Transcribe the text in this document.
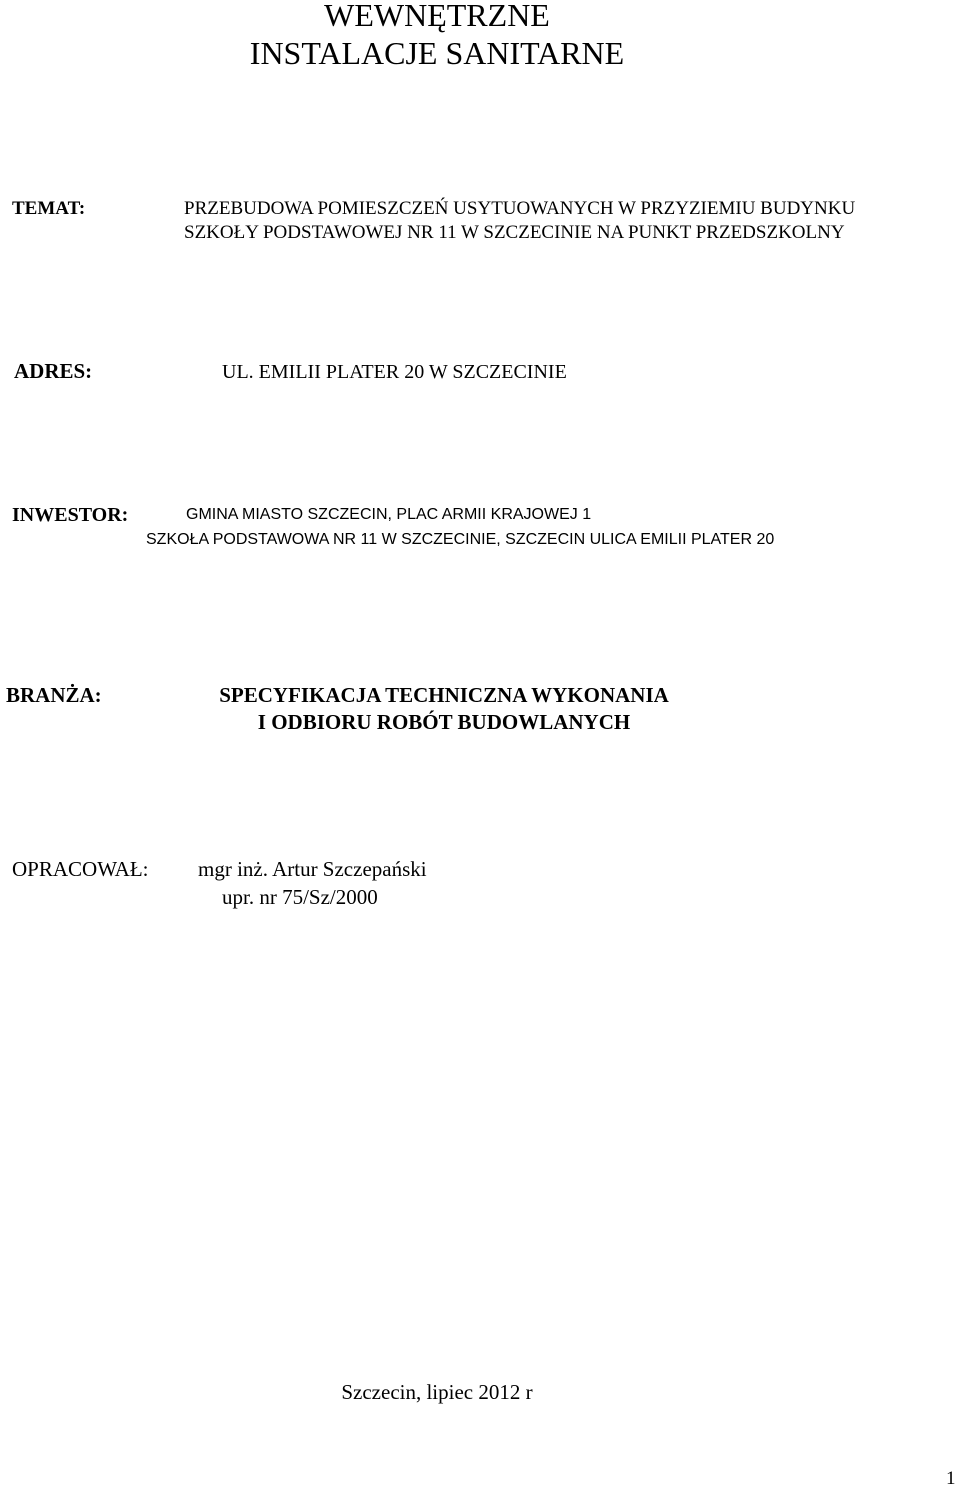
WEWNĘTRZNE
INSTALACJE SANITARNE
TEMAT:	PRZEBUDOWA POMIESZCZEŃ USYTUOWANYCH W PRZYZIEMIU BUDYNKU
SZKOŁY PODSTAWOWEJ NR 11 W SZCZECINIE NA PUNKT PRZEDSZKOLNY
ADRES:	UL. EMILII PLATER 20 W SZCZECINIE
INWESTOR:	GMINA MIASTO SZCZECIN, PLAC ARMII KRAJOWEJ 1
SZKOŁA PODSTAWOWA NR 11 W SZCZECINIE, SZCZECIN ULICA EMILII PLATER 20
BRANŻA:	SPECYFIKACJA TECHNICZNA WYKONANIA
I ODBIORU ROBÓT BUDOWLANYCH
OPRACOWAŁ: mgr inż. Artur Szczepański
upr. nr 75/Sz/2000
Szczecin, lipiec 2012 r
1
